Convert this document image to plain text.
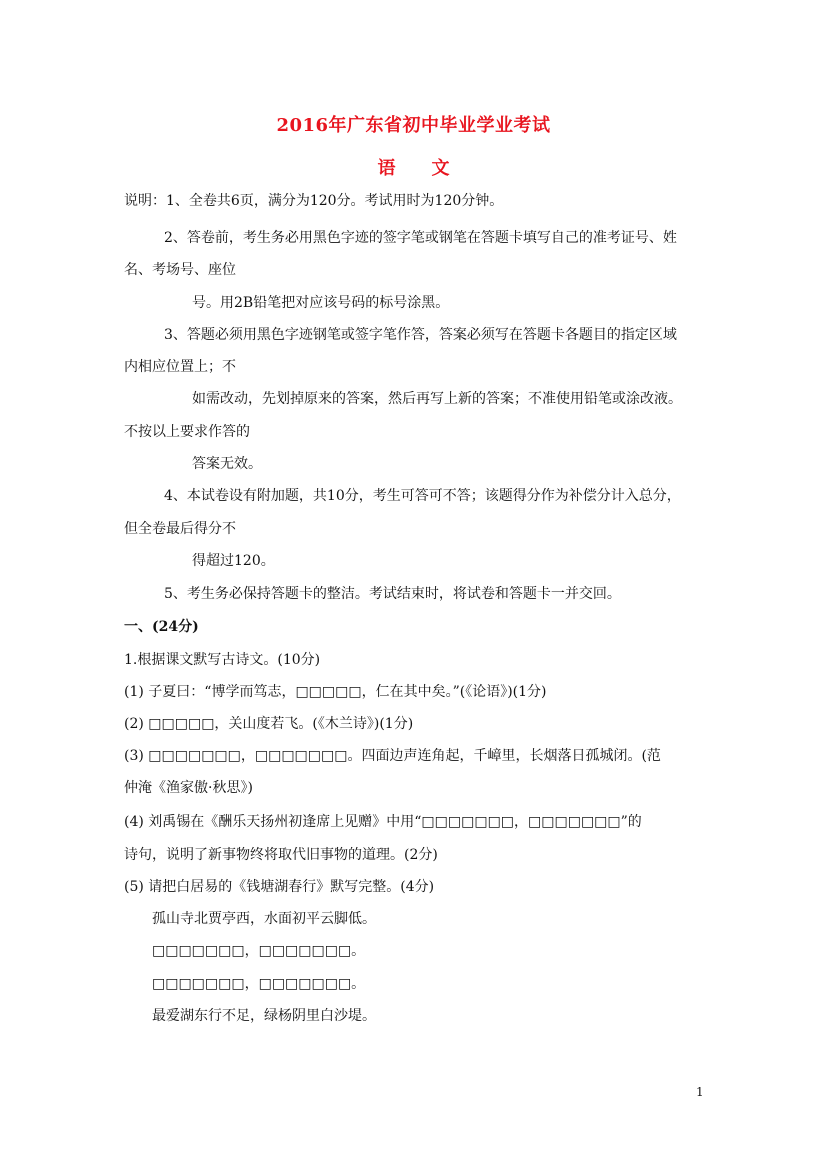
2016年广东省初中毕业学业考试
语　　文
说明：1、全卷共6页，满分为120分。考试用时为120分钟。
2、答卷前，考生务必用黑色字迹的签字笔或钢笔在答题卡填写自己的准考证号、姓
名、考场号、座位
号。用2B铅笔把对应该号码的标号涂黑。
3、答题必须用黑色字迹钢笔或签字笔作答，答案必须写在答题卡各题目的指定区域
内相应位置上；不
如需改动，先划掉原来的答案，然后再写上新的答案；不准使用铅笔或涂改液。
不按以上要求作答的
答案无效。
4、本试卷设有附加题，共10分，考生可答可不答；该题得分作为补偿分计入总分，
但全卷最后得分不
得超过120。
5、考生务必保持答题卡的整洁。考试结束时，将试卷和答题卡一并交回。
一、(24分)
1.根据课文默写古诗文。(10分)
(1) 子夏曰：“博学而笃志，□□□□□，仁在其中矣。”(《论语》)(1分)
(2) □□□□□，关山度若飞。(《木兰诗》)(1分)
(3) □□□□□□□，□□□□□□□。四面边声连角起，千嶂里，长烟落日孤城闭。(范
仲淹《渔家傲·秋思》)
(4) 刘禹锡在《酬乐天扬州初逢席上见赠》中用“□□□□□□□，□□□□□□□”的
诗句，说明了新事物终将取代旧事物的道理。(2分)
(5) 请把白居易的《钱塘湖春行》默写完整。(4分)
孤山寺北贾亭西，水面初平云脚低。
□□□□□□□，□□□□□□□。
□□□□□□□，□□□□□□□。
最爱湖东行不足，绿杨阴里白沙堤。
1
